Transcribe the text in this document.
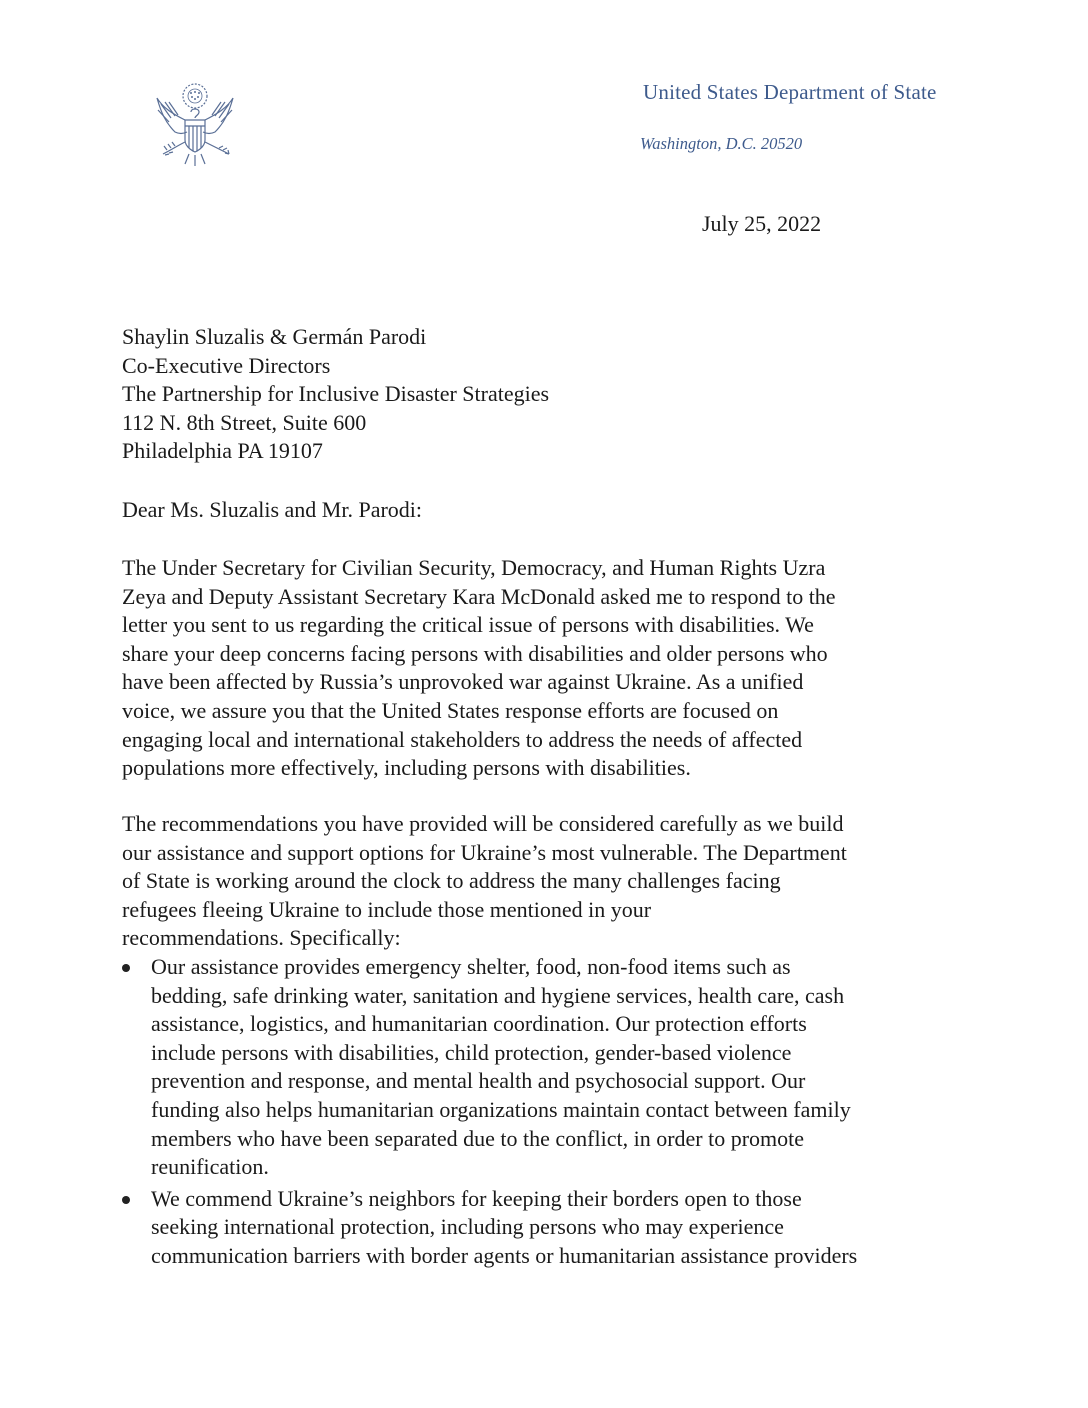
United States Department of State
Washington, D.C. 20520
July 25, 2022
Shaylin Sluzalis & Germán Parodi
Co-Executive Directors
The Partnership for Inclusive Disaster Strategies
112 N. 8th Street, Suite 600
Philadelphia PA 19107
Dear Ms. Sluzalis and Mr. Parodi:

The Under Secretary for Civilian Security, Democracy, and Human Rights Uzra
Zeya and Deputy Assistant Secretary Kara McDonald asked me to respond to the
letter you sent to us regarding the critical issue of persons with disabilities. We
share your deep concerns facing persons with disabilities and older persons who
have been affected by Russia’s unprovoked war against Ukraine. As a unified
voice, we assure you that the United States response efforts are focused on
engaging local and international stakeholders to address the needs of affected
populations more effectively, including persons with disabilities.

The recommendations you have provided will be considered carefully as we build
our assistance and support options for Ukraine’s most vulnerable. The Department
of State is working around the clock to address the many challenges facing
refugees fleeing Ukraine to include those mentioned in your
recommendations. Specifically:

Our assistance provides emergency shelter, food, non-food items such as
bedding, safe drinking water, sanitation and hygiene services, health care, cash
assistance, logistics, and humanitarian coordination. Our protection efforts
include persons with disabilities, child protection, gender-based violence
prevention and response, and mental health and psychosocial support. Our
funding also helps humanitarian organizations maintain contact between family
members who have been separated due to the conflict, in order to promote
reunification.
We commend Ukraine’s neighbors for keeping their borders open to those
seeking international protection, including persons who may experience
communication barriers with border agents or humanitarian assistance providers
